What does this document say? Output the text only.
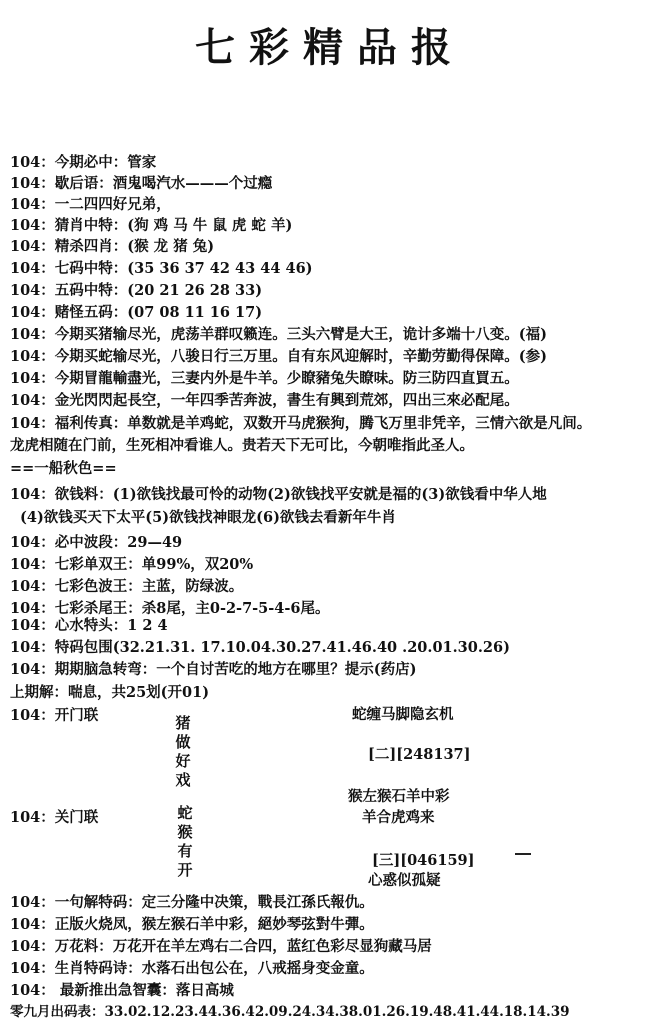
七彩精品报
104：今期必中：管家
104：歇后语：酒鬼喝汽水———个过瘾
104：一二四四好兄弟，
104：猜肖中特：(狗 鸡 马 牛 鼠 虎 蛇 羊)
104：精杀四肖：(猴 龙 猪 兔)
104：七码中特：(35 36 37 42 43 44 46)
104：五码中特：(20 21 26 28 33)
104：赌怪五码：(07 08 11 16 17)
104：今期买猪输尽光，虎荡羊群叹籁连。三头六臂是大王，诡计多端十八变。(福)
104：今期买蛇输尽光，八骏日行三万里。自有东风迎解时，辛勤劳勤得保障。(参)
104：今期冒龍輸盡光，三妻内外是牛羊。少瞭豬兔失瞭味。防三防四直買五。
104：金光閃閃起長空，一年四季苦奔波，書生有興到荒郊，四出三來必配尾。
104：福利传真：单数就是羊鸡蛇，双数开马虎猴狗，腾飞万里非凭辛，三情六欲是凡间。
龙虎相随在门前，生死相冲看谁人。贵若天下无可比，今朝唯指此圣人。
==一船秋色==
104：欲钱料：(1)欲钱找最可怜的动物(2)欲钱找平安就是福的(3)欲钱看中华人地
(4)欲钱买天下太平(5)欲钱找神眼龙(6)欲钱去看新年牛肖
104：必中波段：29—49
104：七彩单双王：单99%，双20%
104：七彩色波王：主蓝，防绿波。
104：七彩杀尾王：杀8尾，主0-2-7-5-4-6尾。
104：心水特头：1 2 4
104：特码包围(32.21.31. 17.10.04.30.27.41.46.40 .20.01.30.26)
104：期期脑急转弯：一个自讨苦吃的地方在哪里？提示(药店)
上期解：喘息，共25划(开01)
104：开门联	猪
做
好
戏
蛇缠马脚隐玄机
[二][248137]
猴左猴石羊中彩
104：关门联	蛇
猴
有
开
羊合虎鸡来
[三][046159]
心惑似孤疑
104：一句解特码：定三分隆中决策，戰長江孫氏報仇。
104：正版火烧凤，猴左猴石羊中彩，絕妙琴弦對牛彈。
104：万花料：万花开在羊左鸡右二合四，蓝红色彩尽显狗藏马居
104：生肖特码诗：水落石出包公在，八戒摇身变金童。
104： 最新推出急智囊：落日高城
零九月出码表：33.02.12.23.44.36.42.09.24.34.38.01.26.19.48.41.44.18.14.39
